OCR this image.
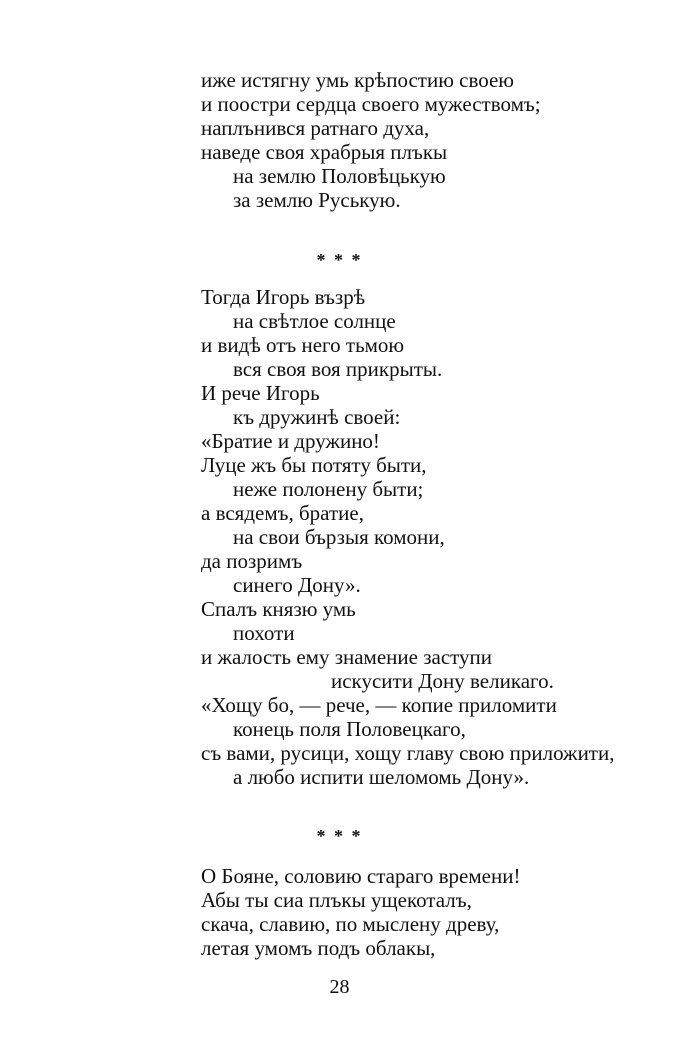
иже истягну умь крѣпостию своею
и поостри сердца своего мужествомъ;
наплънився ратнаго духа,
наведе своя храбрыя плъкы
на землю Половѣцькую
за землю Руськую.
* * *
Тогда Игорь възрѣ
на свѣтлое солнце
и видѣ отъ него тьмою
вся своя воя прикрыты.
И рече Игорь
къ дружинѣ своей:
«Братие и дружино!
Луце жъ бы потяту быти,
неже полонену быти;
а всядемъ, братие,
на свои бързыя комони,
да позримъ
синего Дону».
Спалъ князю умь
похоти
и жалость ему знамение заступи
искусити Дону великаго.
«Хощу бо, — рече, — копие приломити
конець поля Половецкаго,
съ вами, русици, хощу главу свою приложити,
а любо испити шеломомь Дону».
* * *
О Бояне, соловию стараго времени!
Абы ты сиа плъкы ущекоталъ,
скача, славию, по мыслену древу,
летая умомъ подъ облакы,
28
